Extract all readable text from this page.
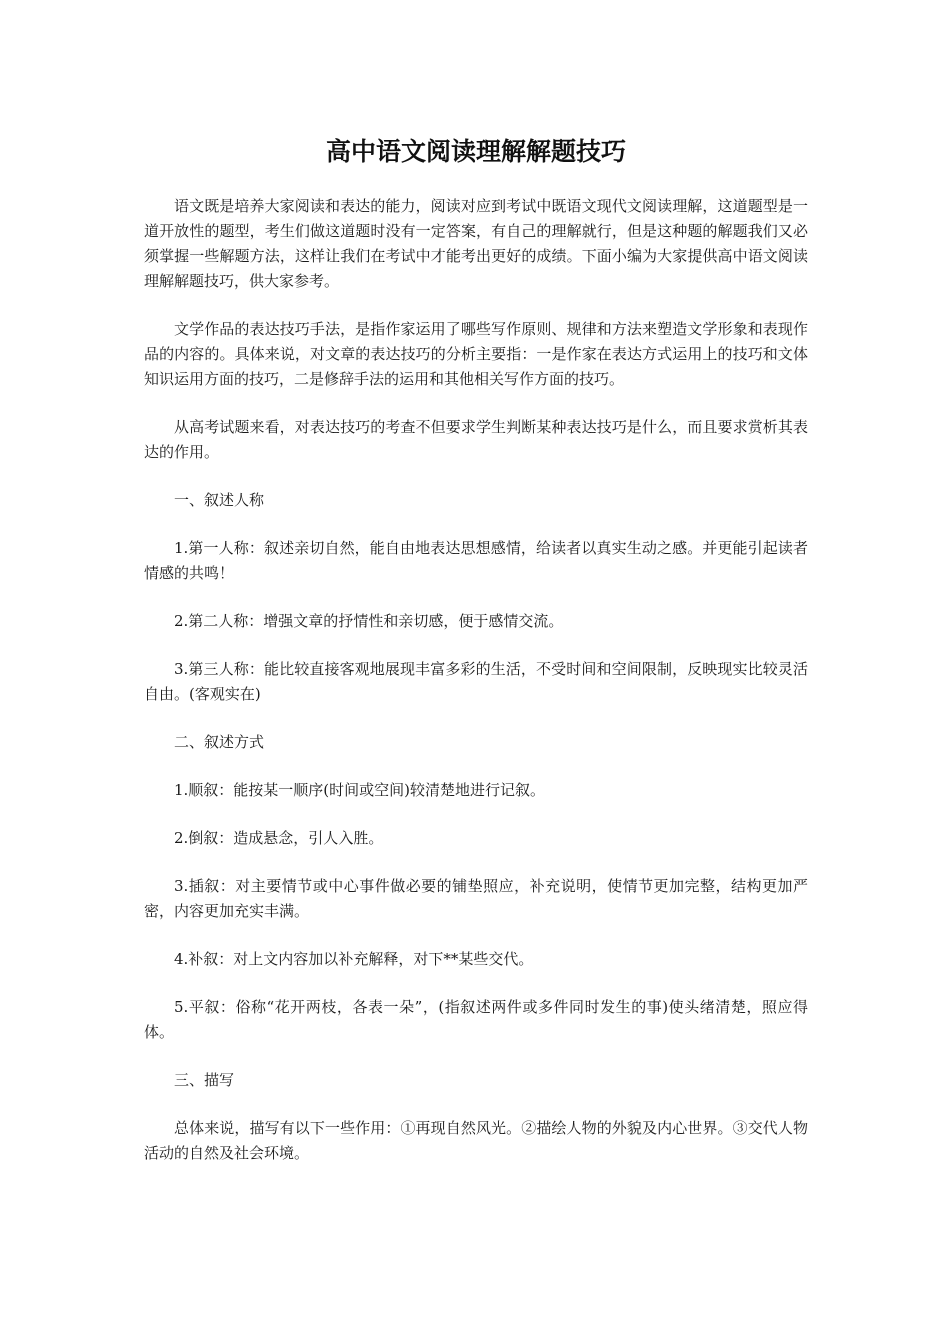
高中语文阅读理解解题技巧

语文既是培养大家阅读和表达的能力，阅读对应到考试中既语文现代文阅读理解，这道题型是一道开放性的题型，考生们做这道题时没有一定答案，有自己的理解就行，但是这种题的解题我们又必须掌握一些解题方法，这样让我们在考试中才能考出更好的成绩。下面小编为大家提供高中语文阅读理解解题技巧，供大家参考。

文学作品的表达技巧手法，是指作家运用了哪些写作原则、规律和方法来塑造文学形象和表现作品的内容的。具体来说，对文章的表达技巧的分析主要指：一是作家在表达方式运用上的技巧和文体知识运用方面的技巧，二是修辞手法的运用和其他相关写作方面的技巧。

从高考试题来看，对表达技巧的考查不但要求学生判断某种表达技巧是什么，而且要求赏析其表达的作用。

一、叙述人称

1.第一人称：叙述亲切自然，能自由地表达思想感情，给读者以真实生动之感。并更能引起读者情感的共鸣！

2.第二人称：增强文章的抒情性和亲切感，便于感情交流。

3.第三人称：能比较直接客观地展现丰富多彩的生活，不受时间和空间限制，反映现实比较灵活自由。(客观实在)

二、叙述方式

1.顺叙：能按某一顺序(时间或空间)较清楚地进行记叙。

2.倒叙：造成悬念，引人入胜。

3.插叙：对主要情节或中心事件做必要的铺垫照应，补充说明，使情节更加完整，结构更加严密，内容更加充实丰满。

4.补叙：对上文内容加以补充解释，对下**某些交代。

5.平叙：俗称“花开两枝，各表一朵”，(指叙述两件或多件同时发生的事)使头绪清楚，照应得体。

三、描写

总体来说，描写有以下一些作用：①再现自然风光。②描绘人物的外貌及内心世界。③交代人物活动的自然及社会环境。
